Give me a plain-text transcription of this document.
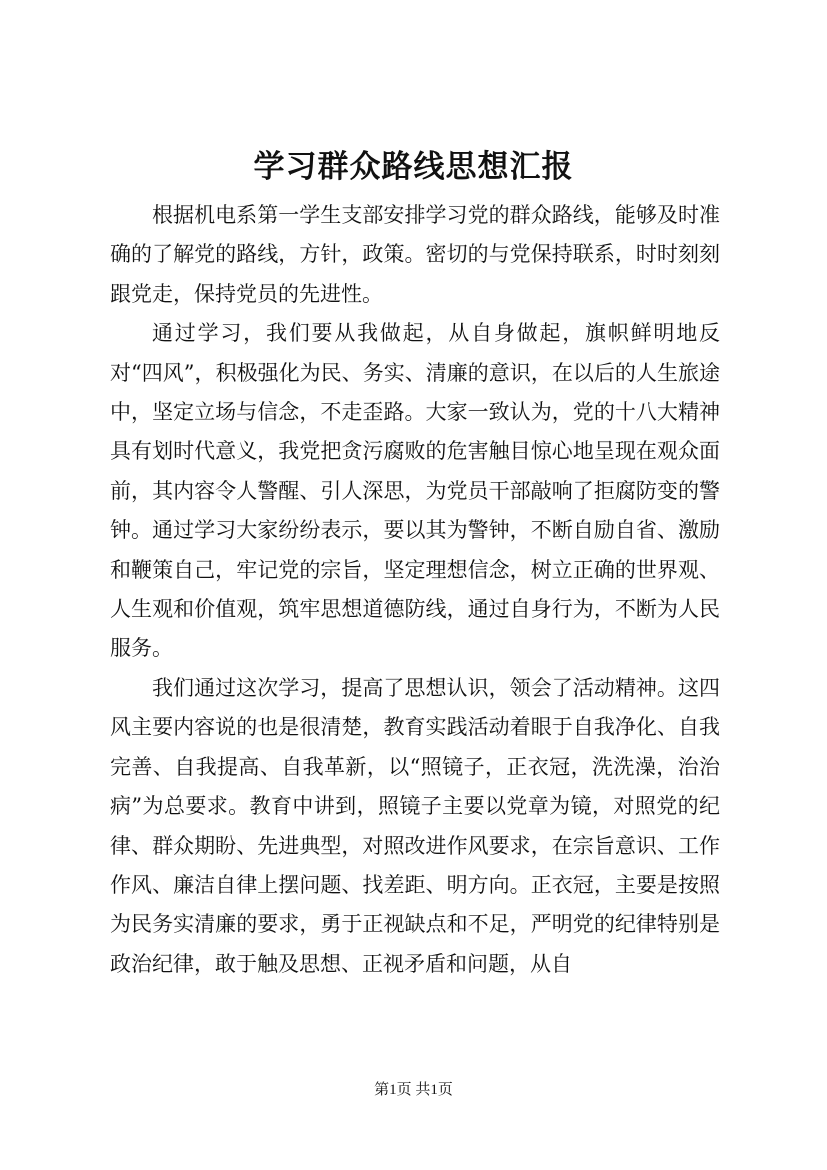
学习群众路线思想汇报

根据机电系第一学生支部安排学习党的群众路线，能够及时准确的了解党的路线，方针，政策。密切的与党保持联系，时时刻刻跟党走，保持党员的先进性。

通过学习，我们要从我做起，从自身做起，旗帜鲜明地反对“四风”，积极强化为民、务实、清廉的意识，在以后的人生旅途中，坚定立场与信念，不走歪路。大家一致认为，党的十八大精神具有划时代意义，我党把贪污腐败的危害触目惊心地呈现在观众面前，其内容令人警醒、引人深思，为党员干部敲响了拒腐防变的警钟。通过学习大家纷纷表示，要以其为警钟，不断自励自省、激励和鞭策自己，牢记党的宗旨，坚定理想信念，树立正确的世界观、人生观和价值观，筑牢思想道德防线，通过自身行为，不断为人民服务。

我们通过这次学习，提高了思想认识，领会了活动精神。这四风主要内容说的也是很清楚，教育实践活动着眼于自我净化、自我完善、自我提高、自我革新，以“照镜子，正衣冠，洗洗澡，治治病”为总要求。教育中讲到，照镜子主要以党章为镜，对照党的纪律、群众期盼、先进典型，对照改进作风要求，在宗旨意识、工作作风、廉洁自律上摆问题、找差距、明方向。正衣冠，主要是按照为民务实清廉的要求，勇于正视缺点和不足，严明党的纪律特别是政治纪律，敢于触及思想、正视矛盾和问题，从自

第1页 共1页
